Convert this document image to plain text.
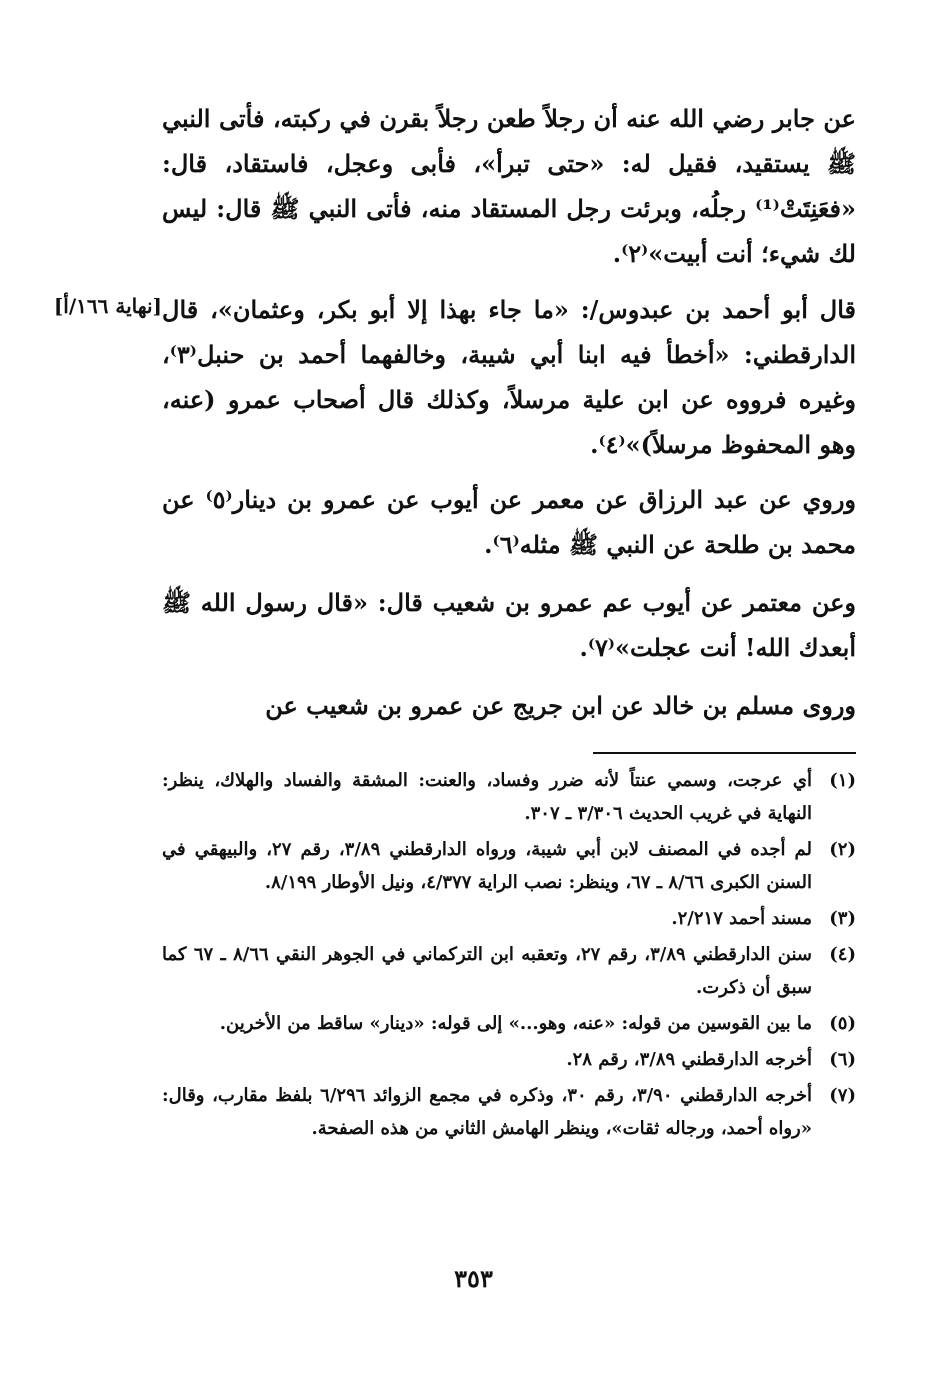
[نهاية ١٦٦/أ]

عن جابر رضي الله عنه أن رجلاً طعن رجلاً بقرن في ركبته، فأتى النبي ﷺ يستقيد، فقيل له: «حتى تبرأ»، فأبى وعجل، فاستقاد، قال: «فعَنِتَتْ⁽¹⁾ رجلُه، وبرئت رجل المستقاد منه، فأتى النبي ﷺ قال: ليس لك شيء؛ أنت أبيت»⁽٢⁾.

قال أبو أحمد بن عبدوس/: «ما جاء بهذا إلا أبو بكر، وعثمان»، قال الدارقطني: «أخطأ فيه ابنا أبي شيبة، وخالفهما أحمد بن حنبل⁽٣⁾، وغيره فرووه عن ابن علية مرسلاً، وكذلك قال أصحاب عمرو (عنه، وهو المحفوظ مرسلاً)»⁽٤⁾.

وروي عن عبد الرزاق عن معمر عن أيوب عن عمرو بن دينار⁽٥⁾ عن محمد بن طلحة عن النبي ﷺ مثله⁽٦⁾.

وعن معتمر عن أيوب عم عمرو بن شعيب قال: «قال رسول الله ﷺ أبعدك الله! أنت عجلت»⁽٧⁾.

وروى مسلم بن خالد عن ابن جريج عن عمرو بن شعيب عن

(١)
أي عرجت، وسمي عنتاً لأنه ضرر وفساد، والعنت: المشقة والفساد والهلاك، ينظر: النهاية في غريب الحديث ٣/٣٠٦ ـ ٣٠٧.
(٢)
لم أجده في المصنف لابن أبي شيبة، ورواه الدارقطني ٣/٨٩، رقم ٢٧، والبيهقي في السنن الكبرى ٨/٦٦ ـ ٦٧، وينظر: نصب الراية ٤/٣٧٧، ونيل الأوطار ٨/١٩٩.
(٣)
مسند أحمد ٢/٢١٧.
(٤)
سنن الدارقطني ٣/٨٩، رقم ٢٧، وتعقبه ابن التركماني في الجوهر النقي ٨/٦٦ ـ ٦٧ كما سبق أن ذكرت.
(٥)
ما بين القوسين من قوله: «عنه، وهو...» إلى قوله: «دينار» ساقط من الأخرين.
(٦)
أخرجه الدارقطني ٣/٨٩، رقم ٢٨.
(٧)
أخرجه الدارقطني ٣/٩٠، رقم ٣٠، وذكره في مجمع الزوائد ٦/٢٩٦ بلفظ مقارب، وقال: «رواه أحمد، ورجاله ثقات»، وينظر الهامش الثاني من هذه الصفحة.
٣٥٣
